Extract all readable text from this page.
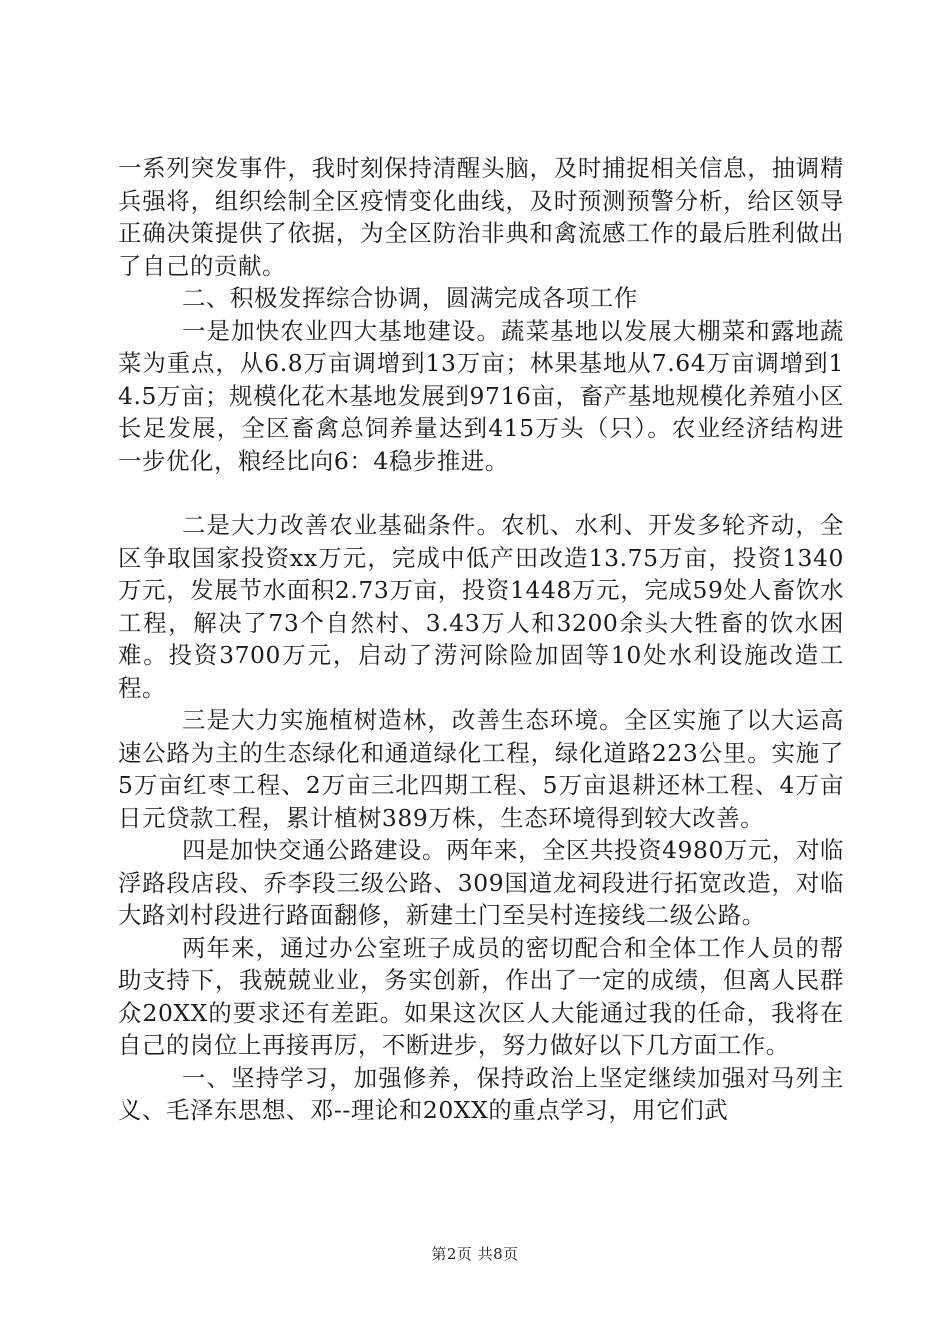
一系列突发事件，我时刻保持清醒头脑，及时捕捉相关信息，抽调精兵强将，组织绘制全区疫情变化曲线，及时预测预警分析，给区领导正确决策提供了依据，为全区防治非典和禽流感工作的最后胜利做出了自己的贡献。

二、积极发挥综合协调，圆满完成各项工作

一是加快农业四大基地建设。蔬菜基地以发展大棚菜和露地蔬菜为重点，从6.8万亩调增到13万亩；林果基地从7.64万亩调增到14.5万亩；规模化花木基地发展到9716亩，畜产基地规模化养殖小区长足发展，全区畜禽总饲养量达到415万头（只）。农业经济结构进一步优化，粮经比向6：4稳步推进。

二是大力改善农业基础条件。农机、水利、开发多轮齐动，全区争取国家投资xx万元，完成中低产田改造13.75万亩，投资1340万元，发展节水面积2.73万亩，投资1448万元，完成59处人畜饮水工程，解决了73个自然村、3.43万人和3200余头大牲畜的饮水困难。投资3700万元，启动了涝河除险加固等10处水利设施改造工程。

三是大力实施植树造林，改善生态环境。全区实施了以大运高速公路为主的生态绿化和通道绿化工程，绿化道路223公里。实施了5万亩红枣工程、2万亩三北四期工程、5万亩退耕还林工程、4万亩日元贷款工程，累计植树389万株，生态环境得到较大改善。

四是加快交通公路建设。两年来，全区共投资4980万元，对临浮路段店段、乔李段三级公路、309国道龙祠段进行拓宽改造，对临大路刘村段进行路面翻修，新建土门至吴村连接线二级公路。

两年来，通过办公室班子成员的密切配合和全体工作人员的帮助支持下，我兢兢业业，务实创新，作出了一定的成绩，但离人民群众20XX的要求还有差距。如果这次区人大能通过我的任命，我将在自己的岗位上再接再厉，不断进步，努力做好以下几方面工作。

一、坚持学习，加强修养，保持政治上坚定继续加强对马列主义、毛泽东思想、邓--理论和20XX的重点学习，用它们武

第2页 共8页
